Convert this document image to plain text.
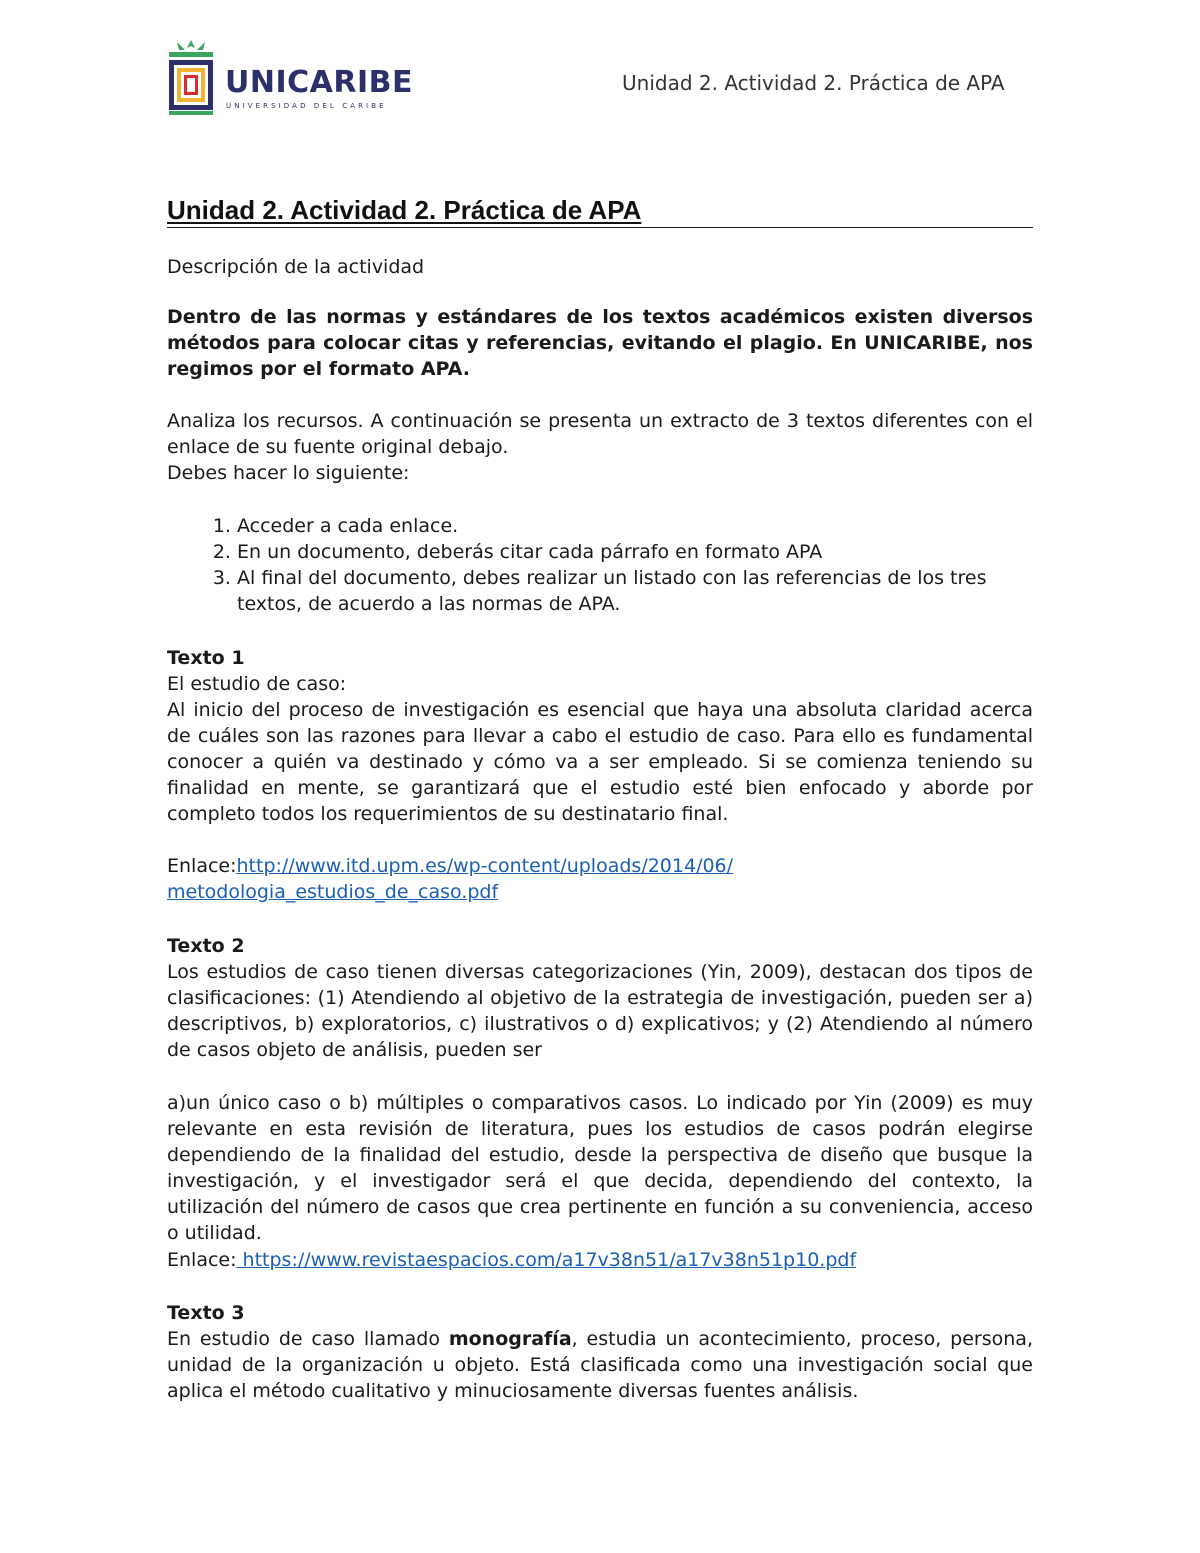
UNICARIBE
UNIVERSIDAD DEL CARIBE
Unidad 2. Actividad 2. Práctica de APA
Unidad 2. Actividad 2. Práctica de APA
Descripción de la actividad
Dentro de las normas y estándares de los textos académicos existen diversos métodos para colocar citas y referencias, evitando el plagio. En UNICARIBE, nos regimos por el formato APA.
Analiza los recursos. A continuación se presenta un extracto de 3 textos diferentes con el enlace de su fuente original debajo.
Debes hacer lo siguiente:
1. Acceder a cada enlace.
2. En un documento, deberás citar cada párrafo en formato APA
3. Al final del documento, debes realizar un listado con las referencias de los tres textos, de acuerdo a las normas de APA.
Texto 1
El estudio de caso:
Al inicio del proceso de investigación es esencial que haya una absoluta claridad acerca de cuáles son las razones para llevar a cabo el estudio de caso. Para ello es fundamental conocer a quién va destinado y cómo va a ser empleado. Si se comienza teniendo su finalidad en mente, se garantizará que el estudio esté bien enfocado y aborde por completo todos los requerimientos de su destinatario final.
Enlace:http://www.itd.upm.es/wp-content/uploads/2014/06/
metodologia_estudios_de_caso.pdf
Texto 2
Los estudios de caso tienen diversas categorizaciones (Yin, 2009), destacan dos tipos de clasificaciones: (1) Atendiendo al objetivo de la estrategia de investigación, pueden ser a) descriptivos, b) exploratorios, c) ilustrativos o d) explicativos; y (2) Atendiendo al número de casos objeto de análisis, pueden ser
a)un único caso o b) múltiples o comparativos casos. Lo indicado por Yin (2009) es muy relevante en esta revisión de literatura, pues los estudios de casos podrán elegirse dependiendo de la finalidad del estudio, desde la perspectiva de diseño que busque la investigación, y el investigador será el que decida, dependiendo del contexto, la utilización del número de casos que crea pertinente en función a su conveniencia, acceso o utilidad.
Enlace: https://www.revistaespacios.com/a17v38n51/a17v38n51p10.pdf
Texto 3
En estudio de caso llamado monografía, estudia un acontecimiento, proceso, persona, unidad de la organización u objeto. Está clasificada como una investigación social que aplica el método cualitativo y minuciosamente diversas fuentes análisis.
